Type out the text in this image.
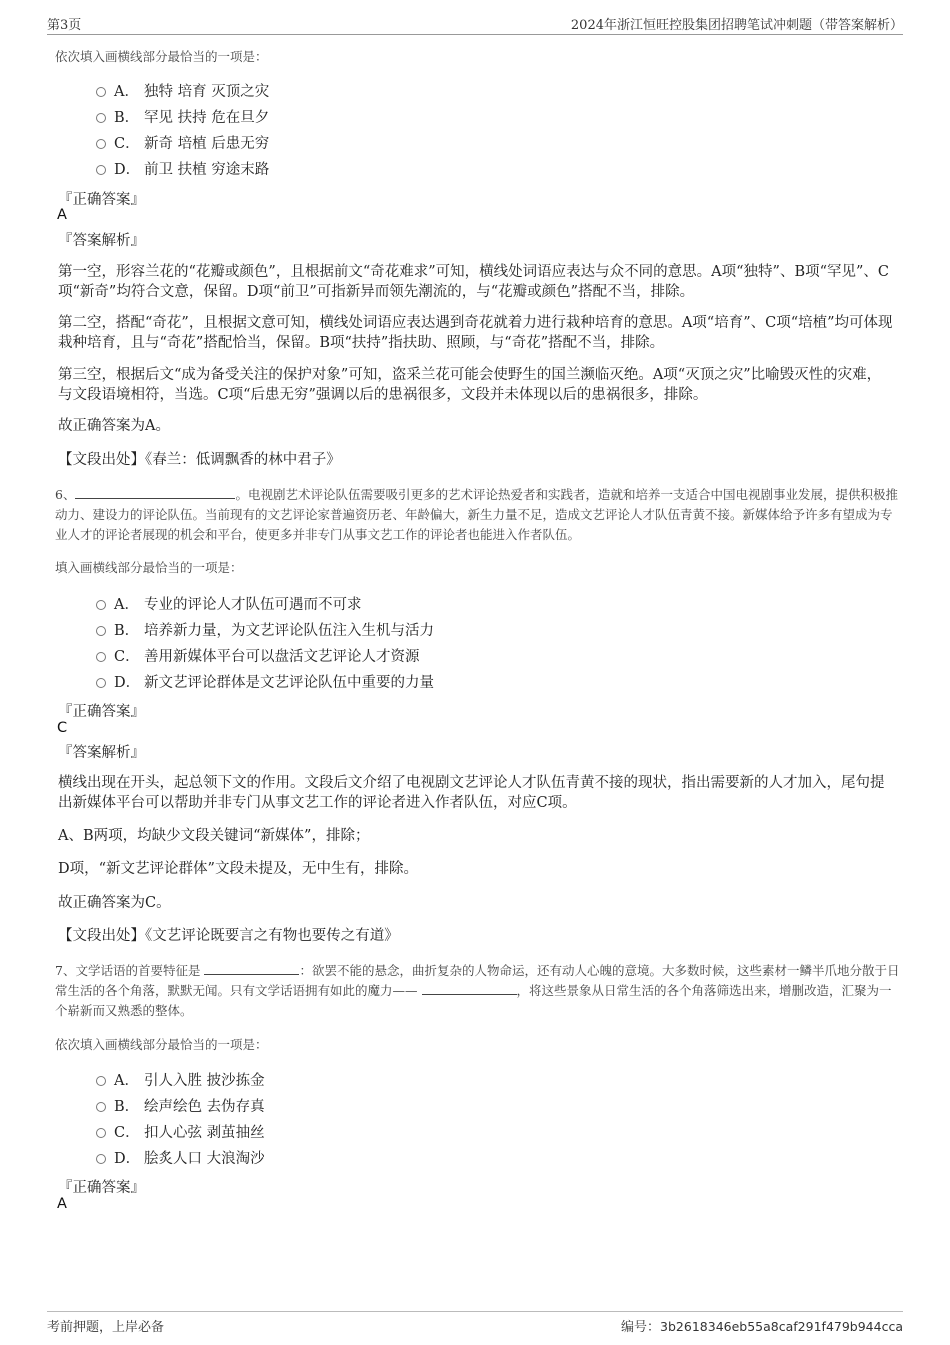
第3页	2024年浙江恒旺控股集团招聘笔试冲刺题（带答案解析）
依次填入画横线部分最恰当的一项是：
A． 独特 培育 灭顶之灾
B． 罕见 扶持 危在旦夕
C． 新奇 培植 后患无穷
D． 前卫 扶植 穷途末路
『正确答案』
A
『答案解析』
第一空，形容兰花的“花瓣或颜色”，且根据前文“奇花难求”可知，横线处词语应表达与众不同的意思。A项“独特”、B项“罕见”、C项“新奇”均符合文意，保留。D项“前卫”可指新异而领先潮流的，与“花瓣或颜色”搭配不当，排除。
第二空，搭配“奇花”，且根据文意可知，横线处词语应表达遇到奇花就着力进行栽种培育的意思。A项“培育”、C项“培植”均可体现栽种培育，且与“奇花”搭配恰当，保留。B项“扶持”指扶助、照顾，与“奇花”搭配不当，排除。
第三空，根据后文“成为备受关注的保护对象”可知，盗采兰花可能会使野生的国兰濒临灭绝。A项“灭顶之灾”比喻毁灭性的灾难，与文段语境相符，当选。C项“后患无穷”强调以后的患祸很多，文段并未体现以后的患祸很多，排除。
故正确答案为A。
【文段出处】《春兰：低调飘香的林中君子》
6、	。电视剧艺术评论队伍需要吸引更多的艺术评论热爱者和实践者，造就和培养一支适合中国电视剧事业发展，提供积极推动力、建设力的评论队伍。当前现有的文艺评论家普遍资历老、年龄偏大，新生力量不足，造成文艺评论人才队伍青黄不接。新媒体给予许多有望成为专业人才的评论者展现的机会和平台，使更多并非专门从事文艺工作的评论者也能进入作者队伍。
填入画横线部分最恰当的一项是：
A． 专业的评论人才队伍可遇而不可求
B． 培养新力量，为文艺评论队伍注入生机与活力
C． 善用新媒体平台可以盘活文艺评论人才资源
D． 新文艺评论群体是文艺评论队伍中重要的力量
『正确答案』
C
『答案解析』
横线出现在开头，起总领下文的作用。文段后文介绍了电视剧文艺评论人才队伍青黄不接的现状，指出需要新的人才加入，尾句提出新媒体平台可以帮助并非专门从事文艺工作的评论者进入作者队伍，对应C项。
A、B两项，均缺少文段关键词“新媒体”，排除；
D项，“新文艺评论群体”文段未提及，无中生有，排除。
故正确答案为C。
【文段出处】《文艺评论既要言之有物也要传之有道》
7、文学话语的首要特征是	：欲罢不能的悬念，曲折复杂的人物命运，还有动人心魄的意境。大多数时候，这些素材一鳞半爪地分散于日常生活的各个角落，默默无闻。只有文学话语拥有如此的魔力——	，将这些景象从日常生活的各个角落筛选出来，增删改造，汇聚为一个崭新而又熟悉的整体。
依次填入画横线部分最恰当的一项是：
A． 引人入胜 披沙拣金
B． 绘声绘色 去伪存真
C． 扣人心弦 剥茧抽丝
D． 脍炙人口 大浪淘沙
『正确答案』
A
考前押题，上岸必备	编号：3b2618346eb55a8caf291f479b944cca
